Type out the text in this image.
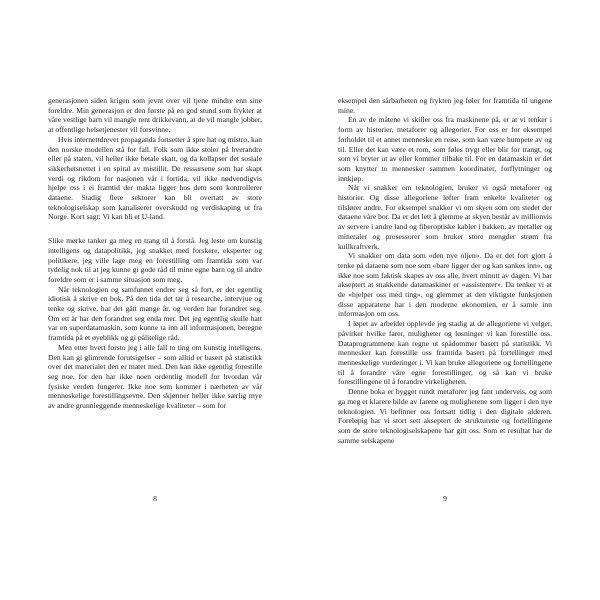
generasjonen siden krigen som jevnt over vil tjene mindre enn sine foreldre. Min generasjon er den første på en god stund som frykter at våre vestlige barn vil mangle rent drikkevann, at de vil mangle jobber, at offentlige helsetjenester vil forsvinne.

Hvis internettdrevet propaganda fortsetter å spre hat og mistro, kan den norske modellen stå for fall. Folk som ikke stoler på hverandre eller på staten, vil heller ikke betale skatt, og da kollapser det sosiale sikkerhetsnettet i en spiral av mistillit. De ressursene som har skapt verdi og rikdom for nasjonen vår i fortida, vil ikke nødvendigvis hjelpe oss i ei framtid der makta ligger hos dem som kontrollerer dataene. Stadig flere sektorer kan bli overtatt av store teknologiselskap som kanaliserer overskudd og verdiskaping ut fra Norge. Kort sagt: Vi kan bli et U-land.

Slike mørke tanker ga meg en trang til å forstå. Jeg leste om kunstig intelligens og datapolitikk, jeg snakket med forskere, eksperter og politikere, jeg ville lage meg en forestilling om framtida som var tydelig nok til at jeg kunne gi gode råd til mine egne barn og til andre foreldre som er i samme situasjon som meg.

Når teknologien og samfunnet endrer seg så fort, er det egentlig idiotisk å skrive en bok. På den tida det tar å researche, intervjue og tenke og skrive, har det gått mange år, og verden har forandret seg. Om ett år har den forandret seg enda mer. Det jeg egentlig skulle hatt var en superdatamaskin, som kunne ta inn all informasjonen, beregne framtida på et øyeblikk og gi pålitelige råd.

Men etter hvert forsto jeg i alle fall to ting om kunstig intelligens. Den kan gi glimrende forutsigelser – som alltid er basert på statistikk over det materialet den er matet med. Den kan ikke egentlig forestille seg noe, for den har ikke noen ordentlig modell for hvordan vår fysiske verden fungerer. Ikke noe som kommer i nærheten av vår menneskelige forestillingsevne. Den skjønner heller ikke særlig mye av andre grunnleggende menneskelige kvaliteter – som for

8

eksempel den sårbarheten og frykten jeg føler for framtida til ungene mine.

En av de måtene vi skiller oss fra maskinene på, er at vi tenker i form av historier, metaforer og allegorier. For oss er for eksempel forholdet til et annet menneske en reise, som kan være humpete av og til. Eller det kan være et rom, som føles trygt eller blir for trangt, og som vi bryter ut av eller kommer tilbake til. For en datamaskin er det som knytter to mennesker sammen koordinater, forflytninger og innkjøp.

Når vi snakker om teknologien, bruker vi også metaforer og historier. Og disse allegoriene løfter fram enkelte kvaliteter og tilslører andre. For eksempel snakker vi om skyen som om stedet der dataene våre bor. Da er det lett å glemme at skyen består av millionvis av servere i andre land og fiberoptiske kabler i bakken, av metaller og mineraler og prosessorer som bruker store mengder strøm fra kullkraftverk.

Vi snakker om data som «den nye oljen». Da er det fort gjort å tenke på dataene som noe som «bare ligger der og kan sankes inn», og ikke noe som faktisk skapes av oss alle, hvert minutt av dagen. Vi har akseptert at snakkende datamaskiner er «assistenter». Da tenker vi at de «hjelper oss med ting», og glemmer at den viktigste funksjonen disse apparatene har i den moderne økonomien, er å samle inn informasjon om oss.

I løpet av arbeidet opplevde jeg stadig at de allegoriene vi velger, påvirker hvilke farer, muligheter og løsninger vi kan forestille oss. Dataprogrammene kan regne ut spådommer basert på statistikk. Vi mennesker kan forestille oss framtida basert på fortellinger med menneskelige vurderinger i. Vi kan bruke allegoriene og fortellingene til å forandre våre egne forestillinger, og så kan vi bruke forestillingene til å forandre virkeligheten.

Denne boka er bygget rundt metaforer jeg fant underveis, og som ga meg et klarere bilde av farene og mulighetene som ligger i den nye teknologien. Vi befinner oss fortsatt tidlig i den digitale alderen. Foreløpig har vi stort sett akseptert de strukturene og fortellingene som de store teknologiselskapene har gitt oss. Som et resultat har de samme selskapene

9
